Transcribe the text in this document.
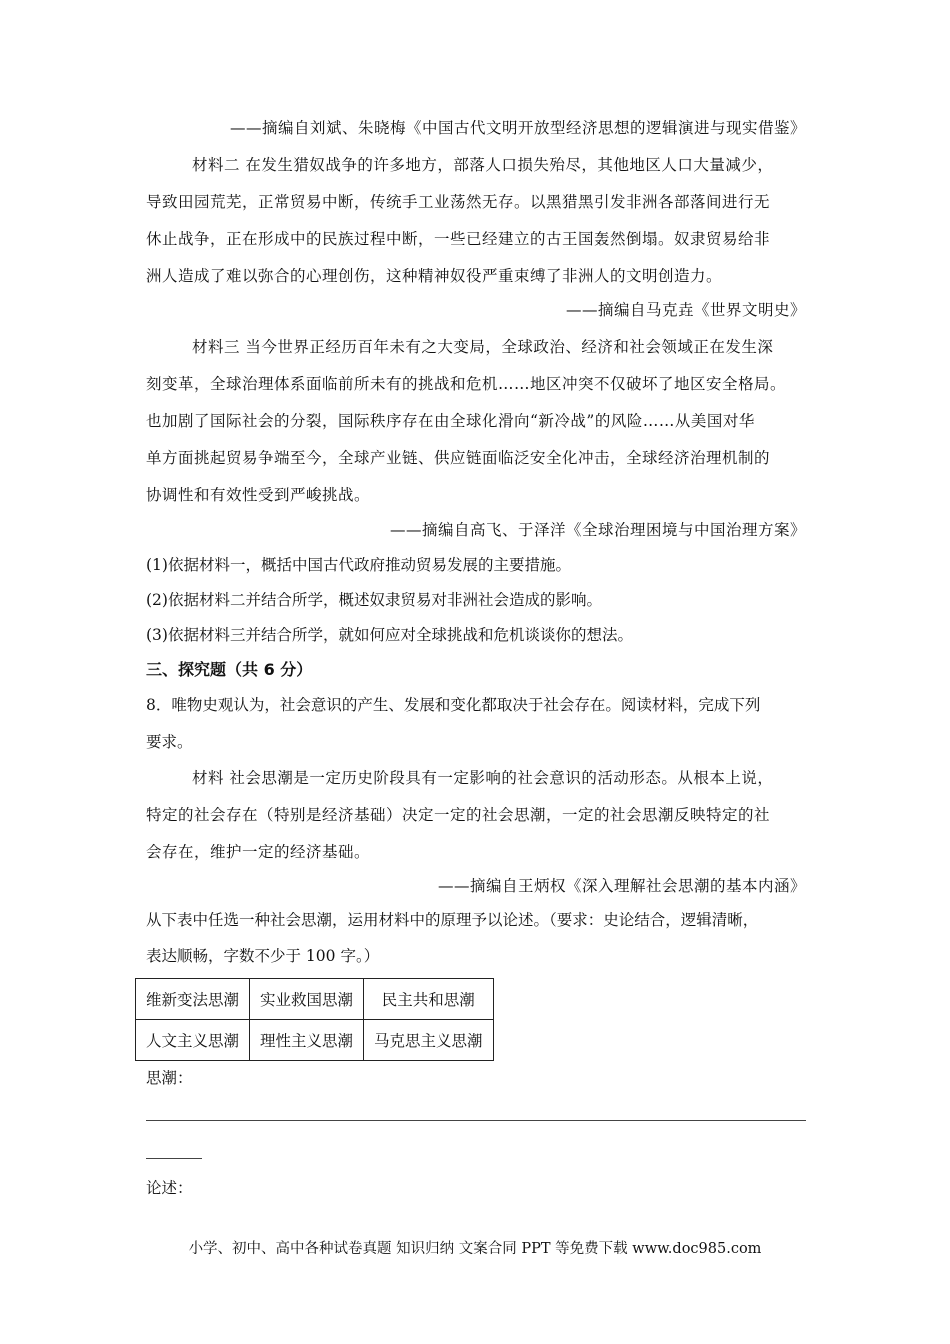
——摘编自刘斌、朱晓梅《中国古代文明开放型经济思想的逻辑演进与现实借鉴》
材料二 在发生猎奴战争的许多地方，部落人口损失殆尽，其他地区人口大量减少，
导致田园荒芜，正常贸易中断，传统手工业荡然无存。以黑猎黑引发非洲各部落间进行无
休止战争，正在形成中的民族过程中断，一些已经建立的古王国轰然倒塌。奴隶贸易给非
洲人造成了难以弥合的心理创伤，这种精神奴役严重束缚了非洲人的文明创造力。
——摘编自马克垚《世界文明史》
材料三 当今世界正经历百年未有之大变局，全球政治、经济和社会领域正在发生深
刻变革，全球治理体系面临前所未有的挑战和危机……地区冲突不仅破坏了地区安全格局。
也加剧了国际社会的分裂，国际秩序存在由全球化滑向“新冷战”的风险……从美国对华
单方面挑起贸易争端至今，全球产业链、供应链面临泛安全化冲击，全球经济治理机制的
协调性和有效性受到严峻挑战。
——摘编自高飞、于泽洋《全球治理困境与中国治理方案》
(1)依据材料一，概括中国古代政府推动贸易发展的主要措施。
(2)依据材料二并结合所学，概述奴隶贸易对非洲社会造成的影响。
(3)依据材料三并结合所学，就如何应对全球挑战和危机谈谈你的想法。
三、探究题（共 6 分）
8．唯物史观认为，社会意识的产生、发展和变化都取决于社会存在。阅读材料，完成下列
要求。
材料 社会思潮是一定历史阶段具有一定影响的社会意识的活动形态。从根本上说，
特定的社会存在（特别是经济基础）决定一定的社会思潮，一定的社会思潮反映特定的社
会存在，维护一定的经济基础。
——摘编自王炳权《深入理解社会思潮的基本内涵》
从下表中任选一种社会思潮，运用材料中的原理予以论述。（要求：史论结合，逻辑清晰，
表达顺畅，字数不少于 100 字。）
维新变法思潮	实业救国思潮	民主共和思潮
人文主义思潮	理性主义思潮	马克思主义思潮
思潮：
论述：
小学、初中、高中各种试卷真题 知识归纳 文案合同 PPT 等免费下载 www.doc985.com
